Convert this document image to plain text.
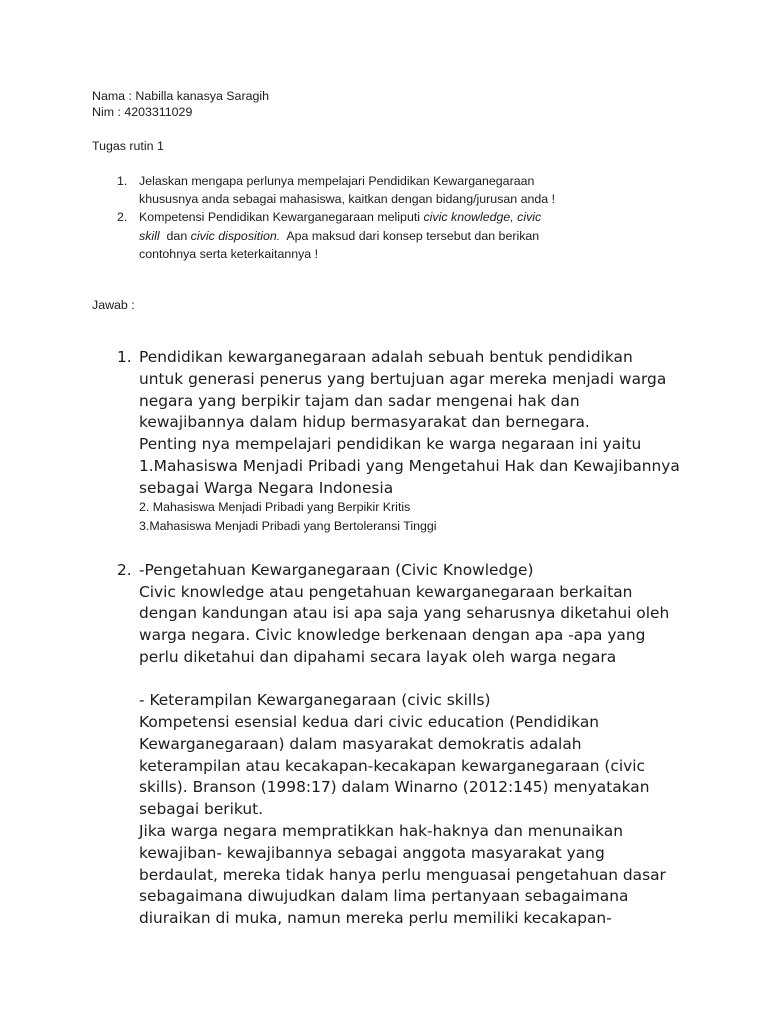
Nama : Nabilla kanasya Saragih
Nim : 4203311029
Tugas rutin 1
1. Jelaskan mengapa perlunya mempelajari Pendidikan Kewarganegaraan
khususnya anda sebagai mahasiswa, kaitkan dengan bidang/jurusan anda !
2. Kompetensi Pendidikan Kewarganegaraan meliputi civic knowledge, civic
skill  dan civic disposition.  Apa maksud dari konsep tersebut dan berikan
contohnya serta keterkaitannya !
Jawab :
1. Pendidikan kewarganegaraan adalah sebuah bentuk pendidikan
untuk generasi penerus yang bertujuan agar mereka menjadi warga
negara yang berpikir tajam dan sadar mengenai hak dan
kewajibannya dalam hidup bermasyarakat dan bernegara.
Penting nya mempelajari pendidikan ke warga negaraan ini yaitu
1.Mahasiswa Menjadi Pribadi yang Mengetahui Hak dan Kewajibannya
sebagai Warga Negara Indonesia
2. Mahasiswa Menjadi Pribadi yang Berpikir Kritis
3.Mahasiswa Menjadi Pribadi yang Bertoleransi Tinggi
2. -Pengetahuan Kewarganegaraan (Civic Knowledge)
Civic knowledge atau pengetahuan kewarganegaraan berkaitan
dengan kandungan atau isi apa saja yang seharusnya diketahui oleh
warga negara. Civic knowledge berkenaan dengan apa -apa yang
perlu diketahui dan dipahami secara layak oleh warga negara
- Keterampilan Kewarganegaraan (civic skills)
Kompetensi esensial kedua dari civic education (Pendidikan
Kewarganegaraan) dalam masyarakat demokratis adalah
keterampilan atau kecakapan-kecakapan kewarganegaraan (civic
skills). Branson (1998:17) dalam Winarno (2012:145) menyatakan
sebagai berikut.
Jika warga negara mempratikkan hak-haknya dan menunaikan
kewajiban- kewajibannya sebagai anggota masyarakat yang
berdaulat, mereka tidak hanya perlu menguasai pengetahuan dasar
sebagaimana diwujudkan dalam lima pertanyaan sebagaimana
diuraikan di muka, namun mereka perlu memiliki kecakapan-
